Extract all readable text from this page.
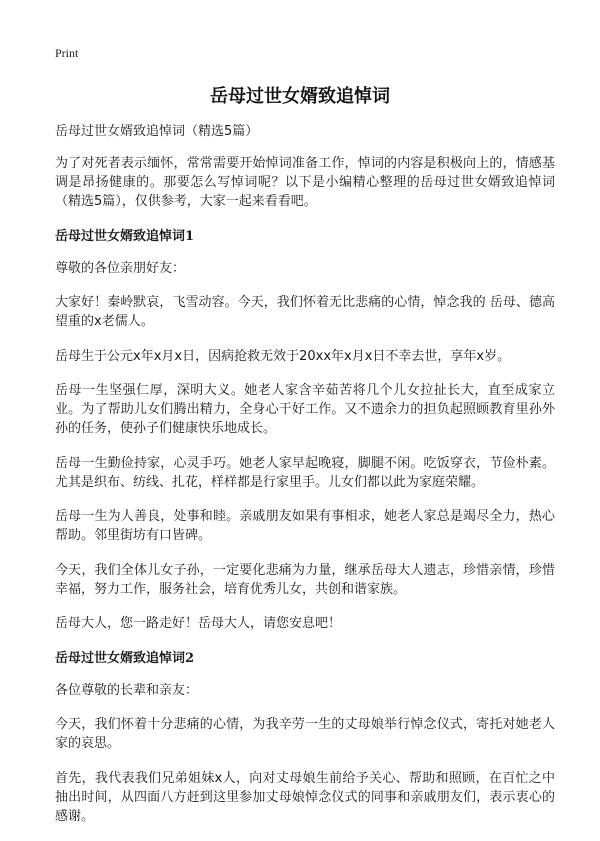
Print
岳母过世女婿致追悼词

岳母过世女婿致追悼词（精选5篇）

为了对死者表示缅怀，常常需要开始悼词准备工作，悼词的内容是积极向上的，情感基调是昂扬健康的。那要怎么写悼词呢？以下是小编精心整理的岳母过世女婿致追悼词（精选5篇），仅供参考，大家一起来看看吧。

岳母过世女婿致追悼词1

尊敬的各位亲朋好友：

大家好！秦岭默哀，飞雪动容。今天，我们怀着无比悲痛的心情，悼念我的 岳母、德高望重的x老儒人。

岳母生于公元x年x月x日，因病抢救无效于20xx年x月x日不幸去世，享年x岁。

岳母一生坚强仁厚，深明大义。她老人家含辛茹苦将几个儿女拉扯长大，直至成家立业。为了帮助儿女们腾出精力，全身心干好工作。又不遗余力的担负起照顾教育里孙外孙的任务，使孙子们健康快乐地成长。

岳母一生勤俭持家，心灵手巧。她老人家早起晚寝，脚腿不闲。吃饭穿衣，节俭朴素。尤其是织布、纺线、扎花，样样都是行家里手。儿女们都以此为家庭荣耀。

岳母一生为人善良，处事和睦。亲戚朋友如果有事相求，她老人家总是竭尽全力，热心帮助。邻里街坊有口皆碑。

今天，我们全体儿女子孙，一定要化悲痛为力量，继承岳母大人遗志，珍惜亲情，珍惜幸福，努力工作，服务社会，培育优秀儿女，共创和谐家族。

岳母大人，您一路走好！岳母大人，请您安息吧！

岳母过世女婿致追悼词2

各位尊敬的长辈和亲友：

今天，我们怀着十分悲痛的心情，为我辛劳一生的丈母娘举行悼念仪式，寄托对她老人家的哀思。

首先，我代表我们兄弟姐妹x人，向对丈母娘生前给予关心、帮助和照顾，在百忙之中抽出时间，从四面八方赶到这里参加丈母娘悼念仪式的同事和亲戚朋友们，表示衷心的感谢。
